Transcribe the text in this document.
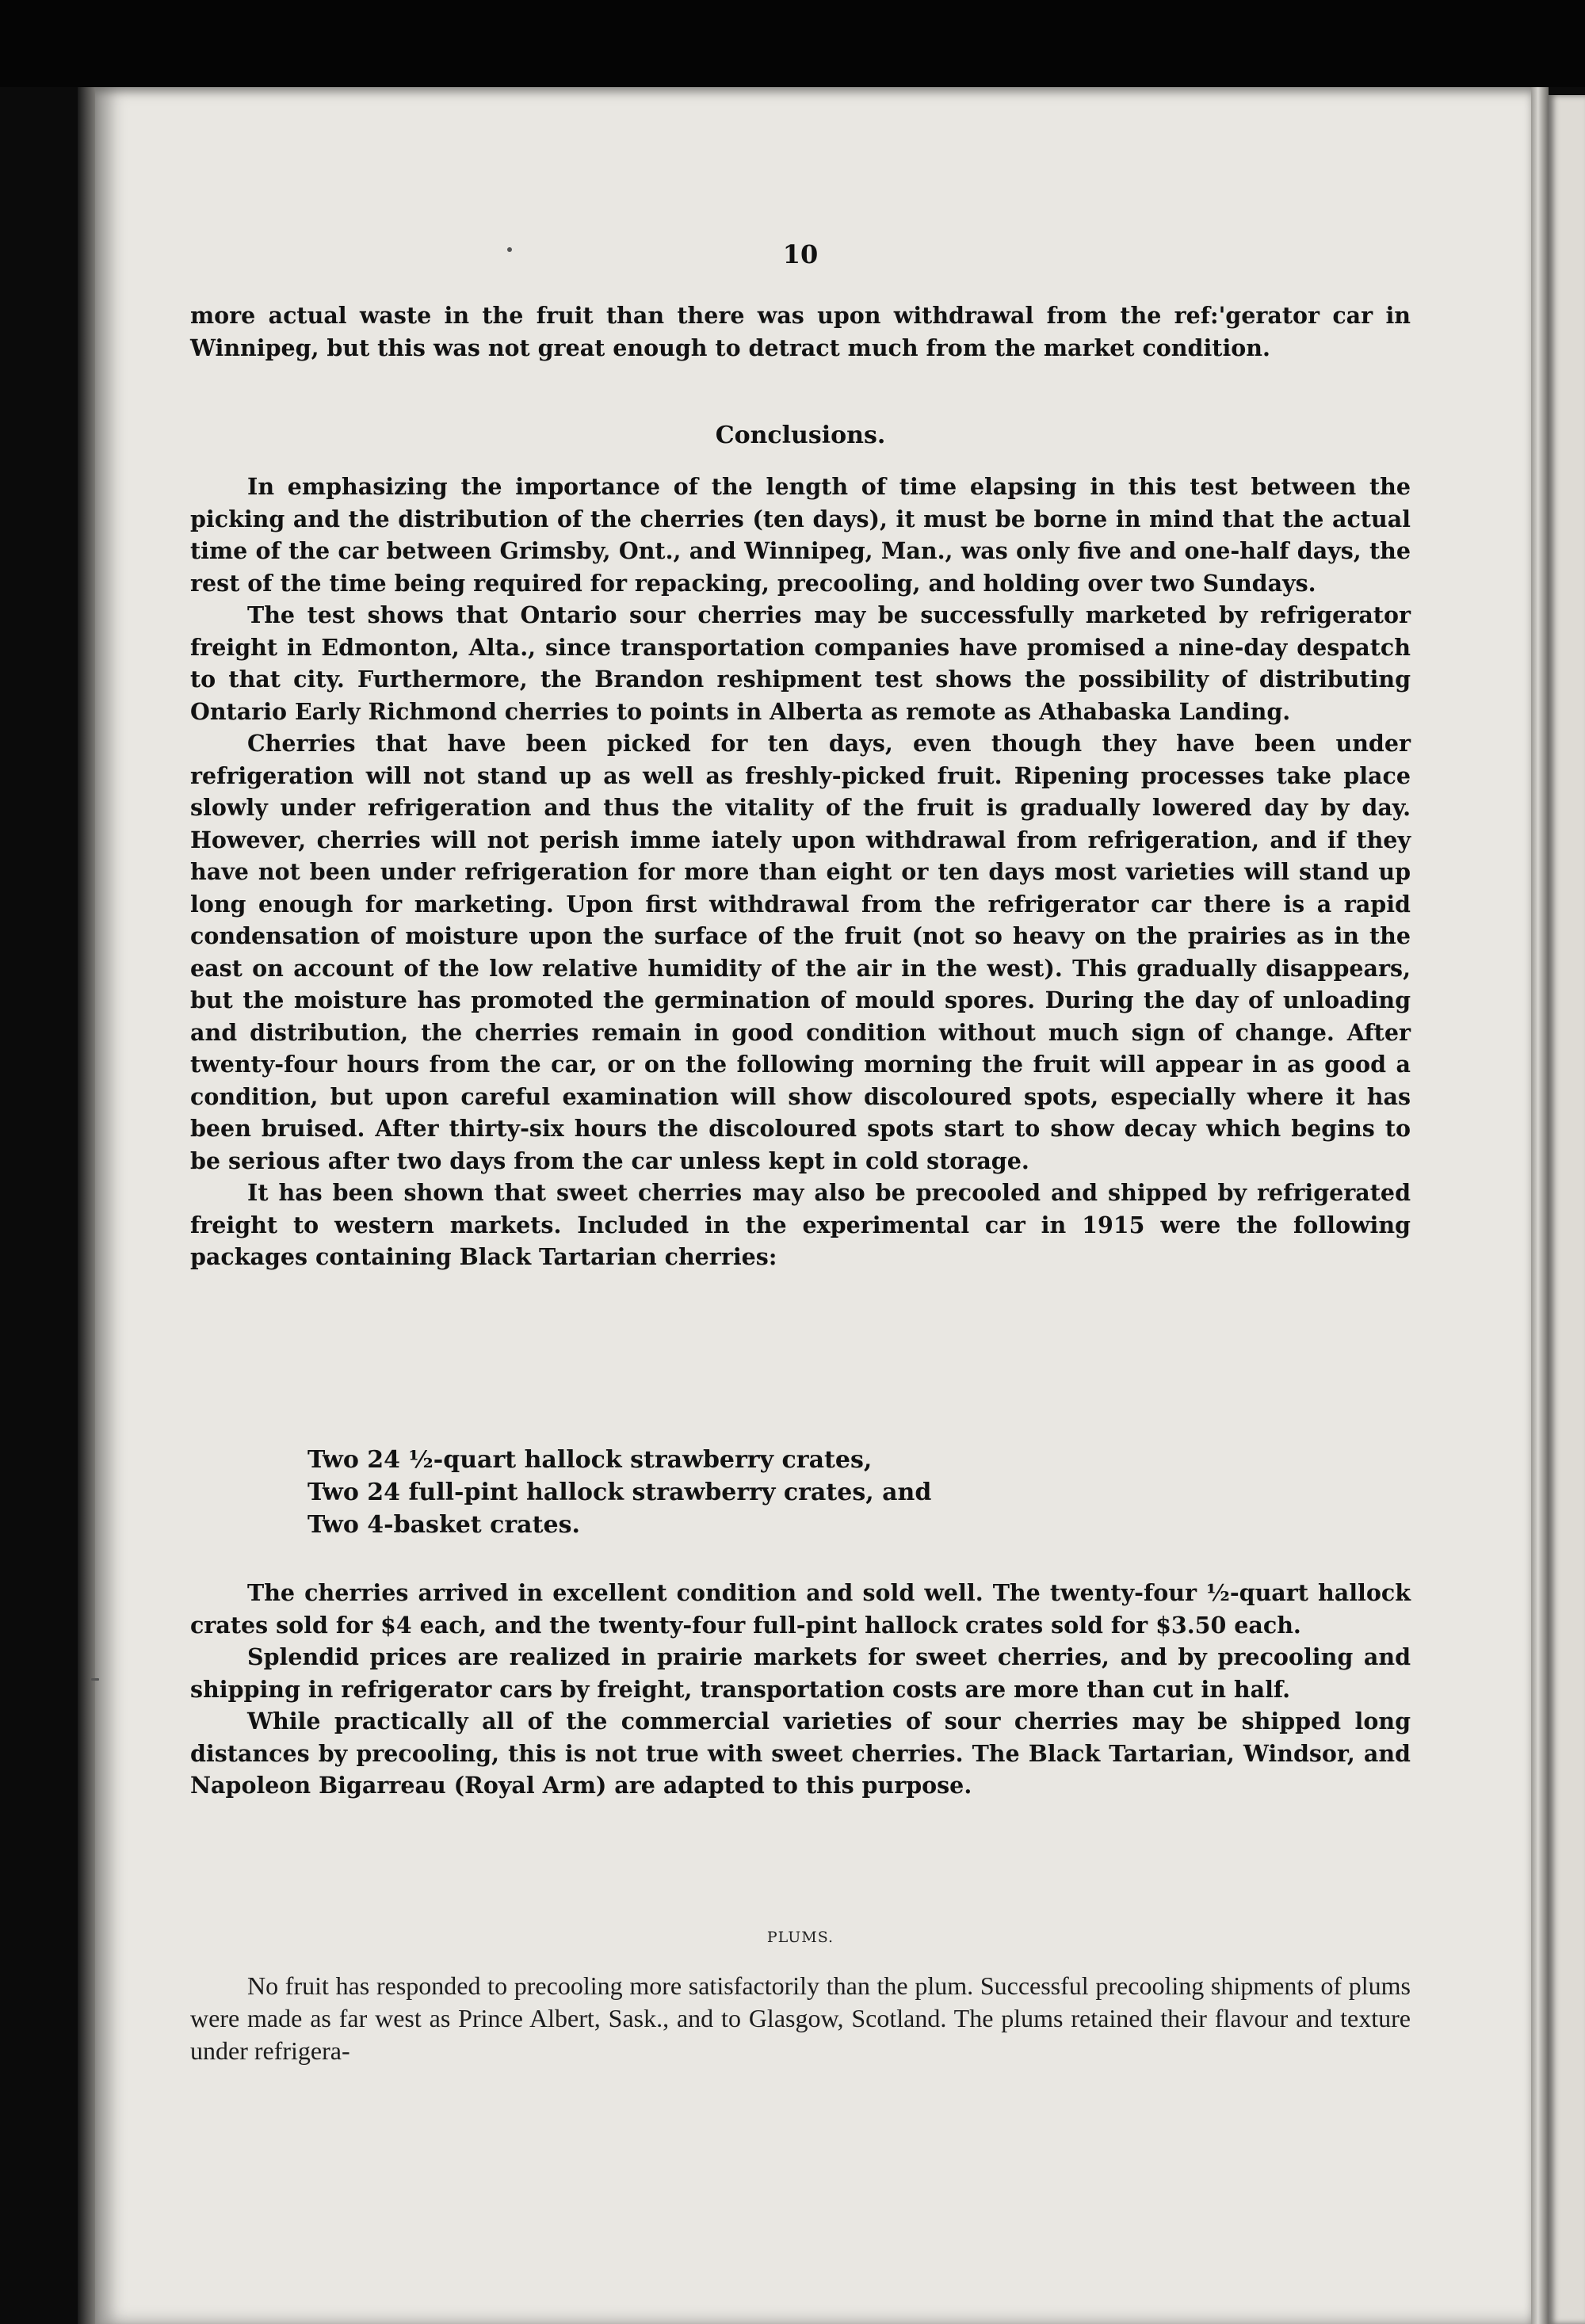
10

more actual waste in the fruit than there was upon withdrawal from the ref:'gerator car in Winnipeg, but this was not great enough to detract much from the market condition.

Conclusions.

In emphasizing the importance of the length of time elapsing in this test between the picking and the distribution of the cherries (ten days), it must be borne in mind that the actual time of the car between Grimsby, Ont., and Winnipeg, Man., was only five and one-half days, the rest of the time being required for repacking, precooling, and holding over two Sundays.

The test shows that Ontario sour cherries may be successfully marketed by refrigerator freight in Edmonton, Alta., since transportation companies have promised a nine-day despatch to that city. Furthermore, the Brandon reshipment test shows the possibility of distributing Ontario Early Richmond cherries to points in Alberta as remote as Athabaska Landing.

Cherries that have been picked for ten days, even though they have been under refrigeration will not stand up as well as freshly-picked fruit. Ripening processes take place slowly under refrigeration and thus the vitality of the fruit is gradually lowered day by day. However, cherries will not perish imme iately upon withdrawal from refrigeration, and if they have not been under refrigeration for more than eight or ten days most varieties will stand up long enough for marketing. Upon first withdrawal from the refrigerator car there is a rapid condensation of moisture upon the surface of the fruit (not so heavy on the prairies as in the east on account of the low relative humidity of the air in the west). This gradually disappears, but the moisture has promoted the germination of mould spores. During the day of unloading and distribution, the cherries remain in good condition without much sign of change. After twenty-four hours from the car, or on the following morning the fruit will appear in as good a condition, but upon careful examination will show discoloured spots, especially where it has been bruised. After thirty-six hours the discoloured spots start to show decay which begins to be serious after two days from the car unless kept in cold storage.

It has been shown that sweet cherries may also be precooled and shipped by refrigerated freight to western markets. Included in the experimental car in 1915 were the following packages containing Black Tartarian cherries:

Two 24 ½-quart hallock strawberry crates,
Two 24 full-pint hallock strawberry crates, and
Two 4-basket crates.

The cherries arrived in excellent condition and sold well. The twenty-four ½-quart hallock crates sold for $4 each, and the twenty-four full-pint hallock crates sold for $3.50 each.

Splendid prices are realized in prairie markets for sweet cherries, and by precooling and shipping in refrigerator cars by freight, transportation costs are more than cut in half.

While practically all of the commercial varieties of sour cherries may be shipped long distances by precooling, this is not true with sweet cherries. The Black Tartarian, Windsor, and Napoleon Bigarreau (Royal Arm) are adapted to this purpose.

PLUMS.

No fruit has responded to precooling more satisfactorily than the plum. Successful precooling shipments of plums were made as far west as Prince Albert, Sask., and to Glasgow, Scotland. The plums retained their flavour and texture under refrigera-
